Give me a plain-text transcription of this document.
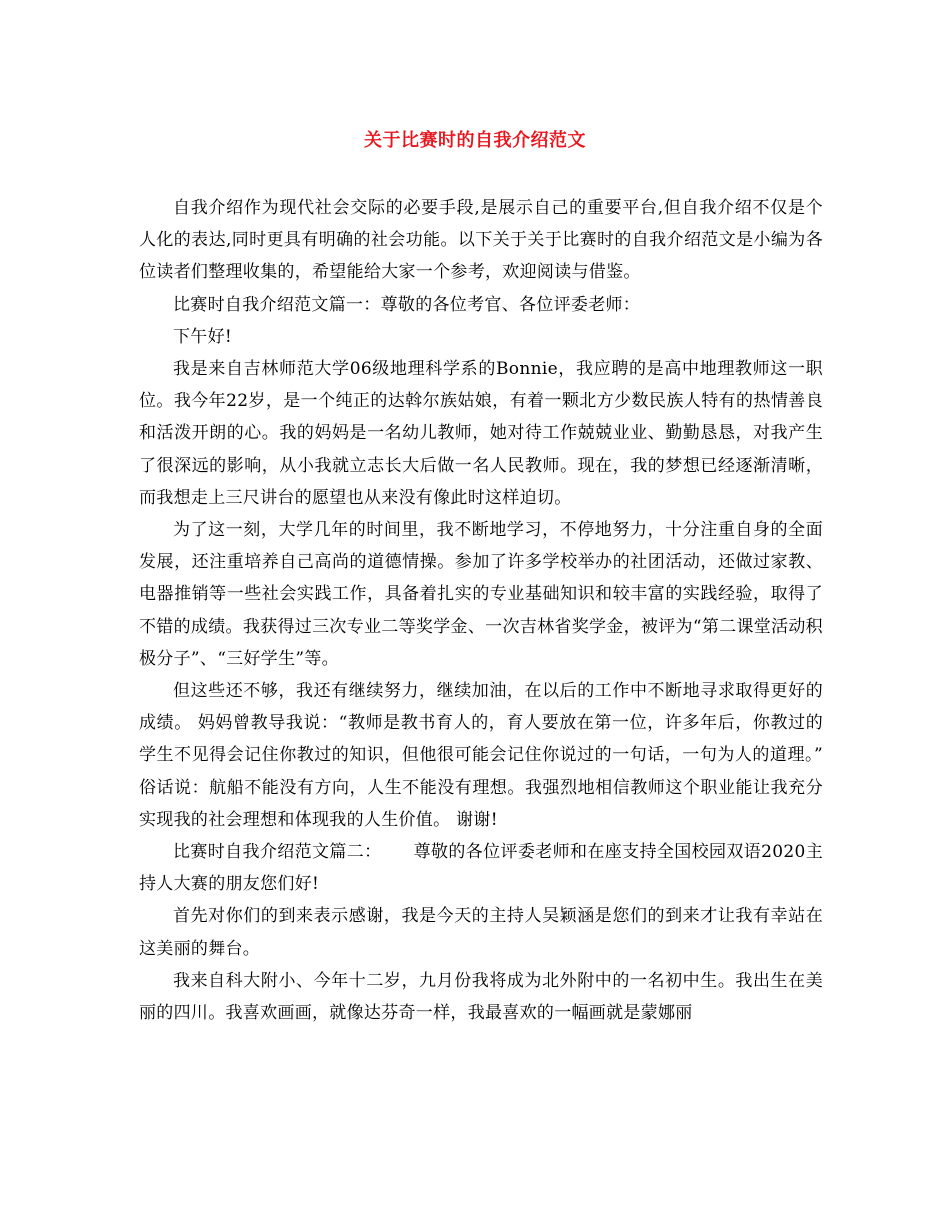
关于比赛时的自我介绍范文

自我介绍作为现代社会交际的必要手段,是展示自己的重要平台,但自我介绍不仅是个人化的表达,同时更具有明确的社会功能。以下关于关于比赛时的自我介绍范文是小编为各位读者们整理收集的，希望能给大家一个参考，欢迎阅读与借鉴。

比赛时自我介绍范文篇一：尊敬的各位考官、各位评委老师：

下午好!

我是来自吉林师范大学06级地理科学系的Bonnie，我应聘的是高中地理教师这一职位。我今年22岁，是一个纯正的达斡尔族姑娘，有着一颗北方少数民族人特有的热情善良和活泼开朗的心。我的妈妈是一名幼儿教师，她对待工作兢兢业业、勤勤恳恳，对我产生了很深远的影响，从小我就立志长大后做一名人民教师。现在，我的梦想已经逐渐清晰，而我想走上三尺讲台的愿望也从来没有像此时这样迫切。

为了这一刻，大学几年的时间里，我不断地学习，不停地努力，十分注重自身的全面发展，还注重培养自己高尚的道德情操。参加了许多学校举办的社团活动，还做过家教、电器推销等一些社会实践工作，具备着扎实的专业基础知识和较丰富的实践经验，取得了不错的成绩。我获得过三次专业二等奖学金、一次吉林省奖学金，被评为“第二课堂活动积极分子”、“三好学生”等。

但这些还不够，我还有继续努力，继续加油，在以后的工作中不断地寻求取得更好的成绩。 妈妈曾教导我说：“教师是教书育人的，育人要放在第一位，许多年后，你教过的学生不见得会记住你教过的知识，但他很可能会记住你说过的一句话，一句为人的道理。” 俗话说：航船不能没有方向，人生不能没有理想。我强烈地相信教师这个职业能让我充分实现我的社会理想和体现我的人生价值。 谢谢!

比赛时自我介绍范文篇二：　　 尊敬的各位评委老师和在座支持全国校园双语2020主持人大赛的朋友您们好!

首先对你们的到来表示感谢，我是今天的主持人吴颖涵是您们的到来才让我有幸站在这美丽的舞台。

我来自科大附小、今年十二岁，九月份我将成为北外附中的一名初中生。我出生在美丽的四川。我喜欢画画，就像达芬奇一样，我最喜欢的一幅画就是蒙娜丽
